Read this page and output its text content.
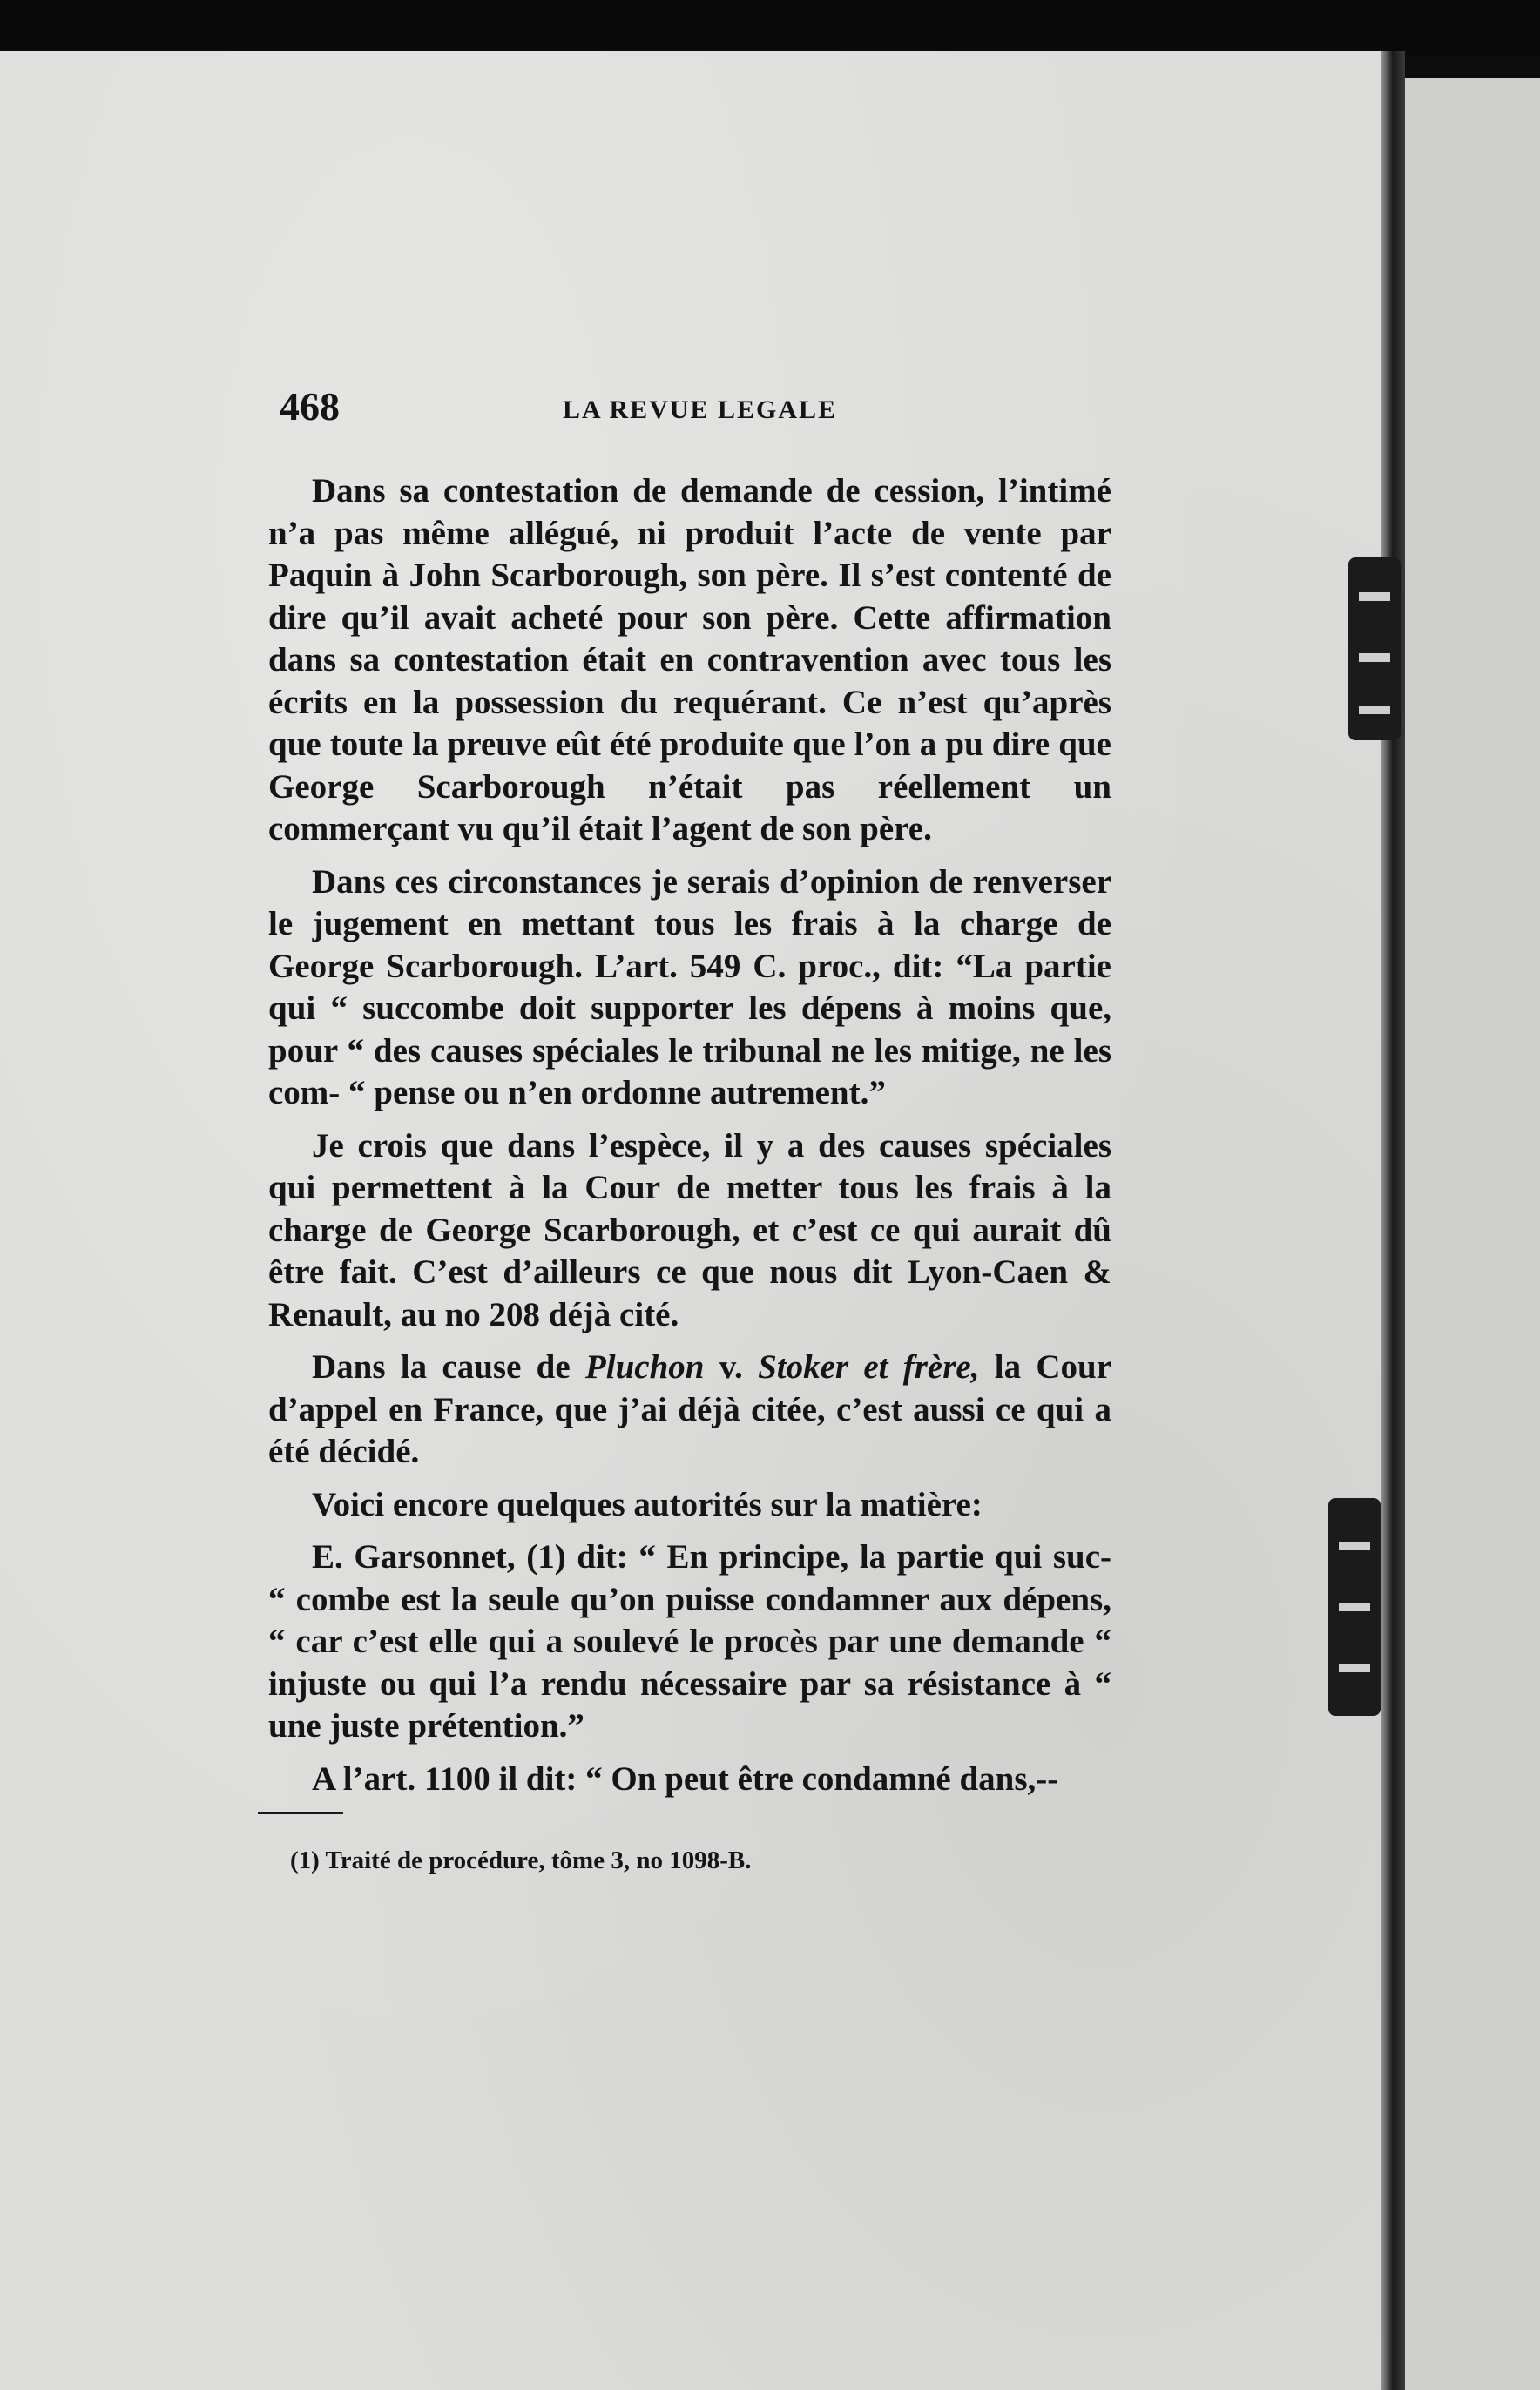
468	LA REVUE LEGALE

Dans sa contestation de demande de cession, l’intimé n’a pas même allégué, ni produit l’acte de vente par Paquin à John Scarborough, son père. Il s’est contenté de dire qu’il avait acheté pour son père. Cette affirmation dans sa contestation était en contravention avec tous les écrits en la possession du requérant. Ce n’est qu’après que toute la preuve eût été produite que l’on a pu dire que George Scarborough n’était pas réellement un commerçant vu qu’il était l’agent de son père.

Dans ces circonstances je serais d’opinion de renverser le jugement en mettant tous les frais à la charge de George Scarborough. L’art. 549 C. proc., dit: “La partie qui “ succombe doit supporter les dépens à moins que, pour “ des causes spéciales le tribunal ne les mitige, ne les com- “ pense ou n’en ordonne autrement.”

Je crois que dans l’espèce, il y a des causes spéciales qui permettent à la Cour de metter tous les frais à la charge de George Scarborough, et c’est ce qui aurait dû être fait. C’est d’ailleurs ce que nous dit Lyon-Caen & Renault, au no 208 déjà cité.

Dans la cause de Pluchon v. Stoker et frère, la Cour d’appel en France, que j’ai déjà citée, c’est aussi ce qui a été décidé.

Voici encore quelques autorités sur la matière:

E. Garsonnet, (1) dit: “ En principe, la partie qui suc- “ combe est la seule qu’on puisse condamner aux dépens, “ car c’est elle qui a soulevé le procès par une demande “ injuste ou qui l’a rendu nécessaire par sa résistance à “ une juste prétention.”

A l’art. 1100 il dit: “ On peut être condamné dans,--

(1) Traité de procédure, tôme 3, no 1098-B.
